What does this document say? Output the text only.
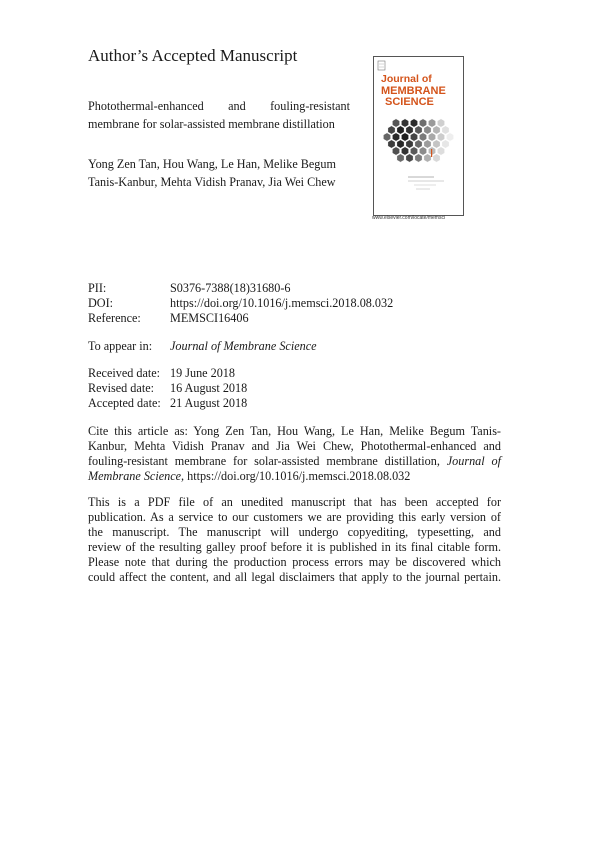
Author’s Accepted Manuscript
Photothermal-enhanced and fouling-resistant
membrane for solar-assisted membrane distillation
Yong Zen Tan, Hou Wang, Le Han, Melike Begum
Tanis-Kanbur, Mehta Vidish Pranav, Jia Wei Chew
Journal of
MEMBRANE
SCIENCE
www.elsevier.com/locate/memsci
PII:	S0376-7388(18)31680-6
DOI:	https://doi.org/10.1016/j.memsci.2018.08.032
Reference: MEMSCI16406
To appear in: Journal of Membrane Science
Received date: 19 June 2018
Revised date: 16 August 2018
Accepted date: 21 August 2018
Cite this article as: Yong Zen Tan, Hou Wang, Le Han, Melike Begum Tanis-
Kanbur, Mehta Vidish Pranav and Jia Wei Chew, Photothermal-enhanced and
fouling-resistant membrane for solar-assisted membrane distillation, Journal of
Membrane Science, https://doi.org/10.1016/j.memsci.2018.08.032
This is a PDF file of an unedited manuscript that has been accepted for
publication. As a service to our customers we are providing this early version of
the manuscript. The manuscript will undergo copyediting, typesetting, and
review of the resulting galley proof before it is published in its final citable form.
Please note that during the production process errors may be discovered which
could affect the content, and all legal disclaimers that apply to the journal pertain.
